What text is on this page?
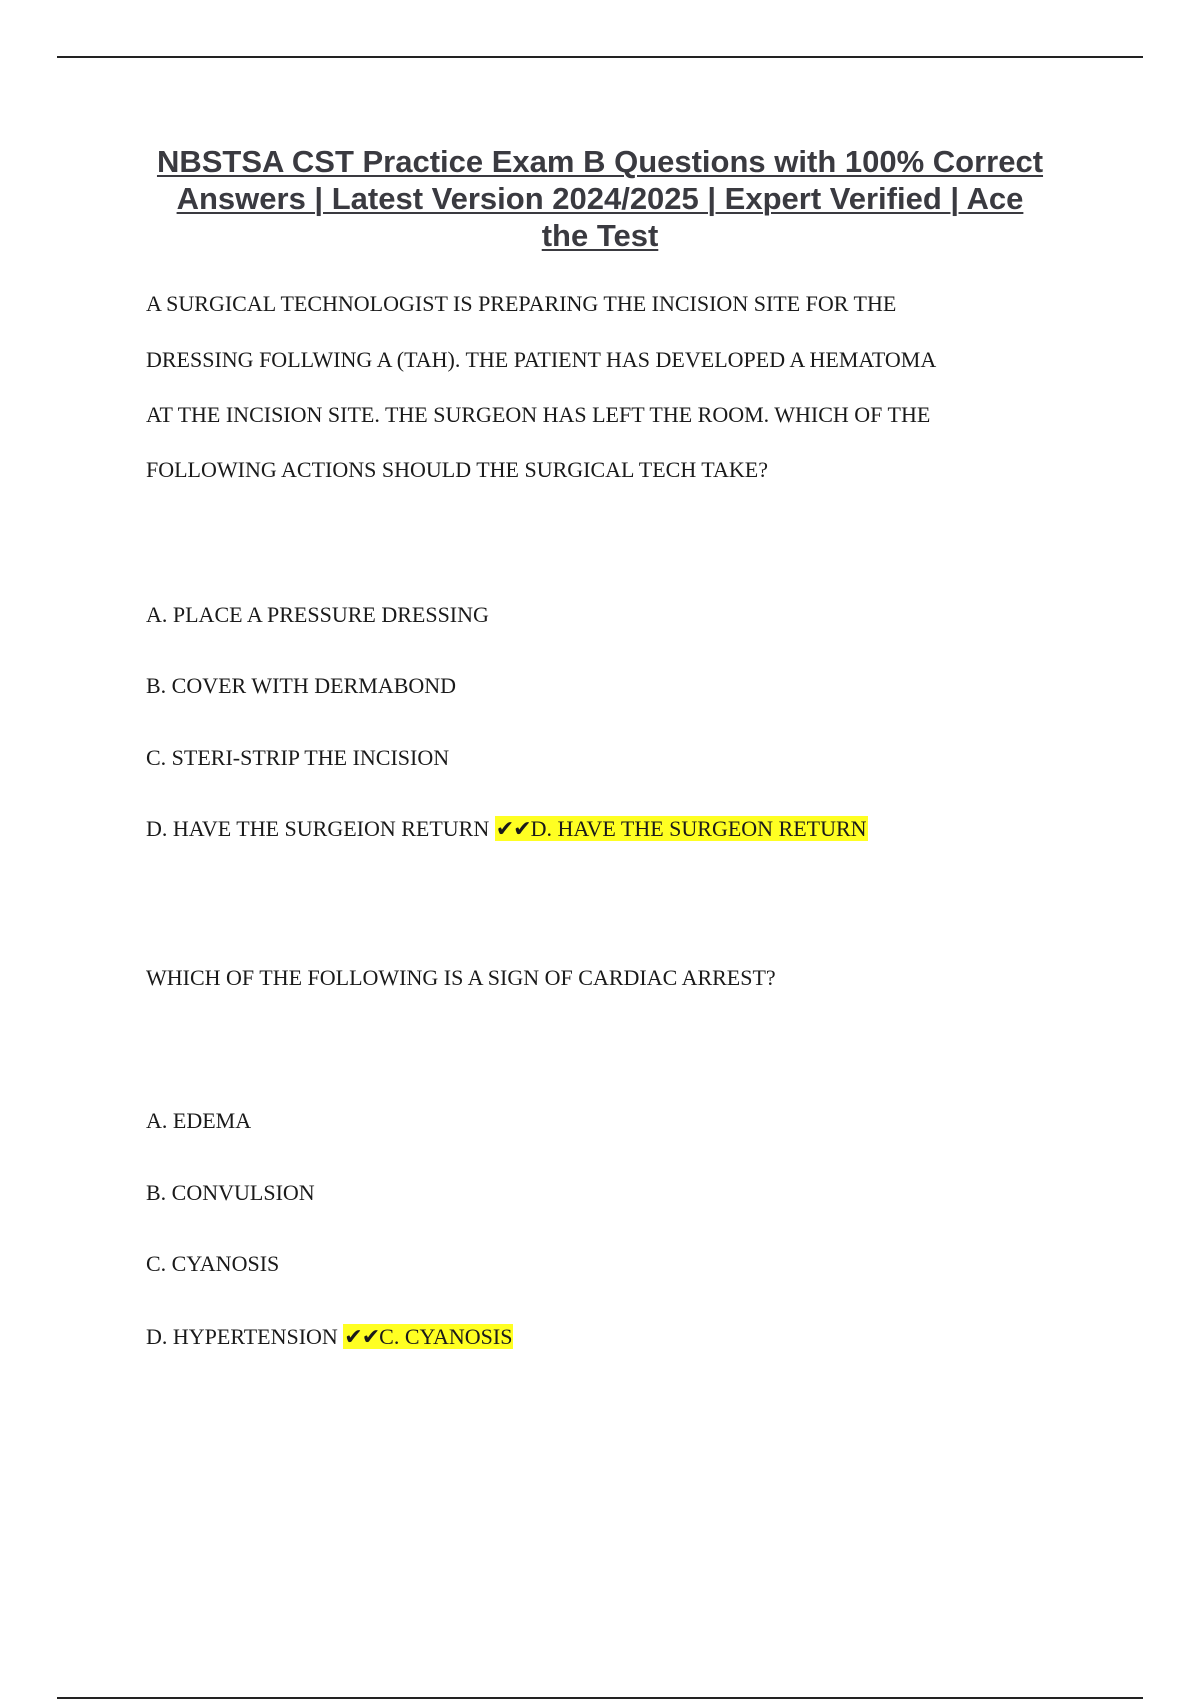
NBSTSA CST Practice Exam B Questions with 100% Correct Answers | Latest Version 2024/2025 | Expert Verified | Ace the Test

A SURGICAL TECHNOLOGIST IS PREPARING THE INCISION SITE FOR THE

DRESSING FOLLWING A (TAH). THE PATIENT HAS DEVELOPED A HEMATOMA

AT THE INCISION SITE. THE SURGEON HAS LEFT THE ROOM. WHICH OF THE

FOLLOWING ACTIONS SHOULD THE SURGICAL TECH TAKE?

A. PLACE A PRESSURE DRESSING

B. COVER WITH DERMABOND

C. STERI-STRIP THE INCISION

D. HAVE THE SURGEION RETURN ✔✔D. HAVE THE SURGEON RETURN

WHICH OF THE FOLLOWING IS A SIGN OF CARDIAC ARREST?

A. EDEMA

B. CONVULSION

C. CYANOSIS

D. HYPERTENSION ✔✔C. CYANOSIS
